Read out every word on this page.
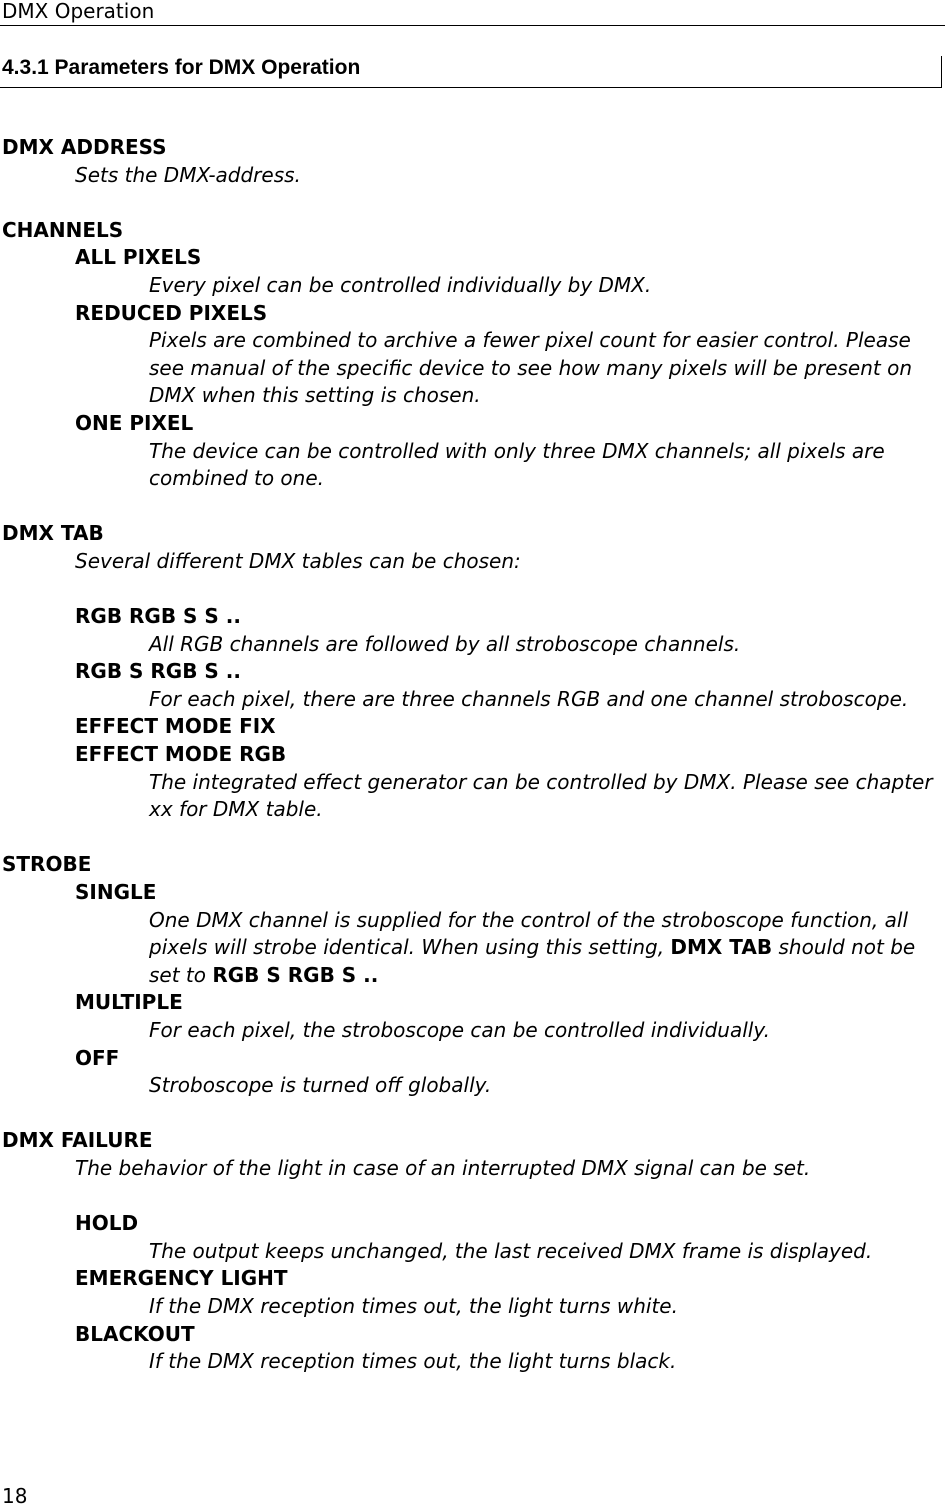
DMX Operation
4.3.1 Parameters for DMX Operation
DMX ADDRESS
Sets the DMX-address.
CHANNELS
ALL PIXELS
Every pixel can be controlled individually by DMX.
REDUCED PIXELS
Pixels are combined to archive a fewer pixel count for easier control. Please
see manual of the specific device to see how many pixels will be present on
DMX when this setting is chosen.
ONE PIXEL
The device can be controlled with only three DMX channels; all pixels are
combined to one.
DMX TAB
Several different DMX tables can be chosen:
RGB RGB S S ..
All RGB channels are followed by all stroboscope channels.
RGB S RGB S ..
For each pixel, there are three channels RGB and one channel stroboscope.
EFFECT MODE FIX
EFFECT MODE RGB
The integrated effect generator can be controlled by DMX. Please see chapter
xx for DMX table.
STROBE
SINGLE
One DMX channel is supplied for the control of the stroboscope function, all
pixels will strobe identical. When using this setting, DMX TAB should not be
set to RGB S RGB S ..
MULTIPLE
For each pixel, the stroboscope can be controlled individually.
OFF
Stroboscope is turned off globally.
DMX FAILURE
The behavior of the light in case of an interrupted DMX signal can be set.
HOLD
The output keeps unchanged, the last received DMX frame is displayed.
EMERGENCY LIGHT
If the DMX reception times out, the light turns white.
BLACKOUT
If the DMX reception times out, the light turns black.
18
